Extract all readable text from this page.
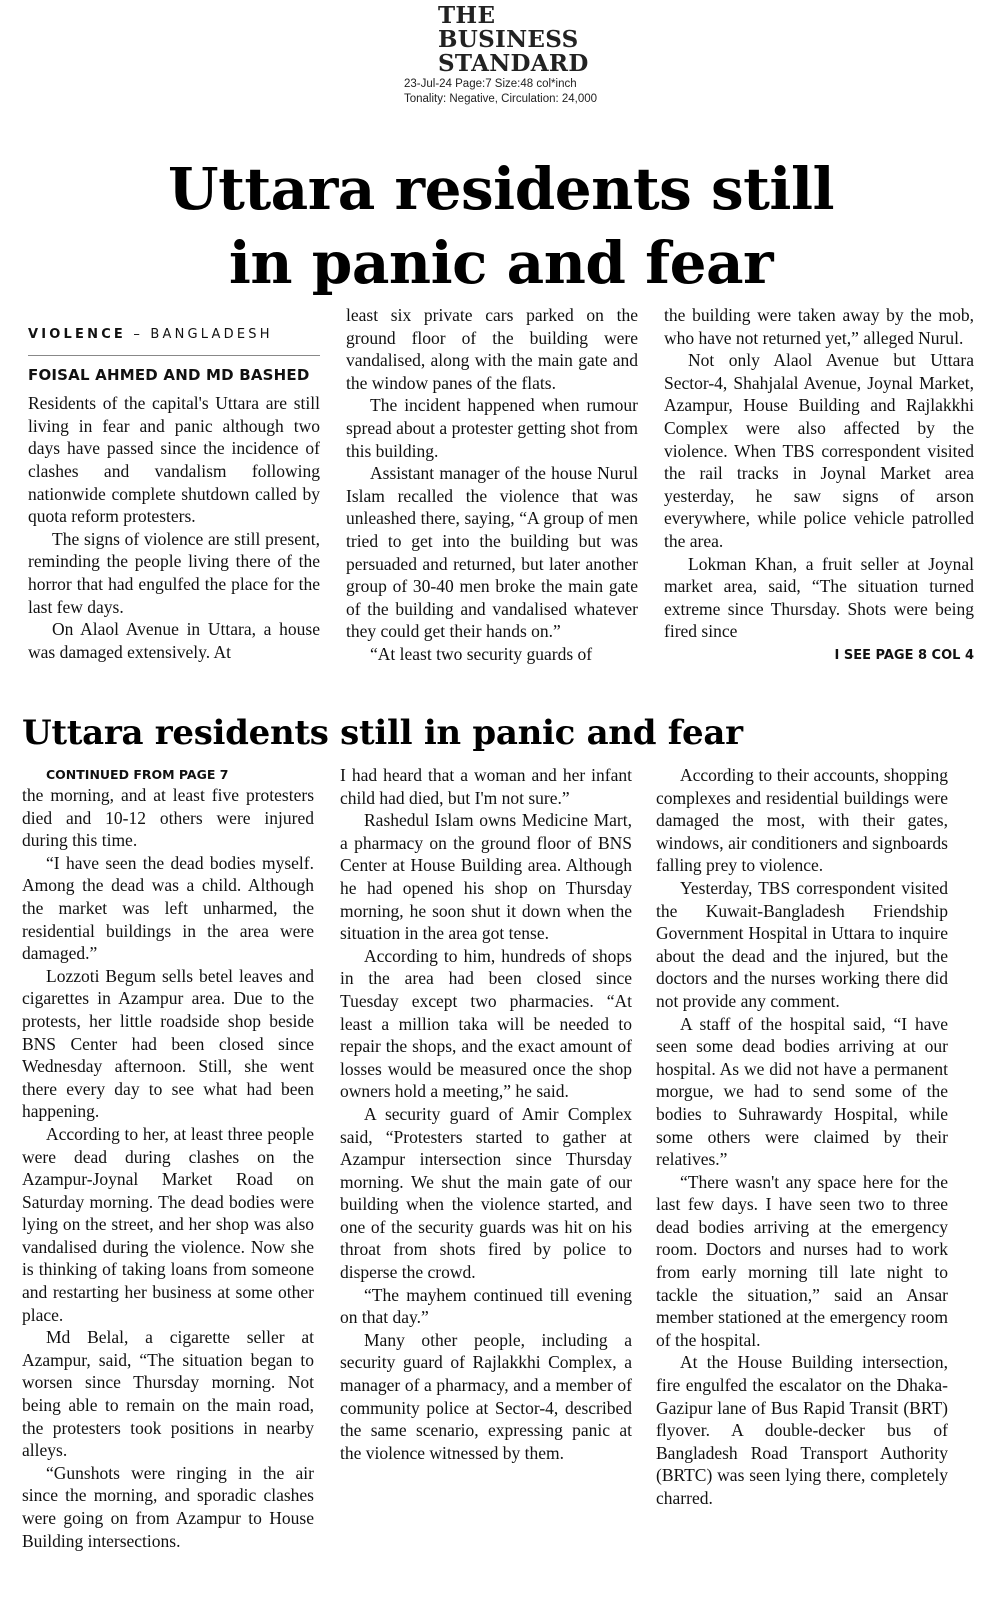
THE
BUSINESS
STANDARD
23-Jul-24 Page:7 Size:48 col*inch
Tonality: Negative, Circulation: 24,000
Uttara residents still
in panic and fear
VIOLENCE – BANGLADESH
FOISAL AHMED AND MD BASHED

Residents of the capital's Uttara are still living in fear and panic although two days have passed since the incidence of clashes and vandalism following nationwide complete shutdown called by quota reform protesters.

The signs of violence are still present, reminding the people living there of the horror that had engulfed the place for the last few days.

On Alaol Avenue in Uttara, a house was damaged extensively. At

least six private cars parked on the ground floor of the building were vandalised, along with the main gate and the window panes of the flats.

The incident happened when rumour spread about a protester getting shot from this building.

Assistant manager of the house Nurul Islam recalled the violence that was unleashed there, saying, “A group of men tried to get into the building but was persuaded and returned, but later another group of 30-40 men broke the main gate of the building and vandalised whatever they could get their hands on.”

“At least two security guards of

the building were taken away by the mob, who have not returned yet,” alleged Nurul.

Not only Alaol Avenue but Uttara Sector-4, Shahjalal Avenue, Joynal Market, Azampur, House Building and Rajlakkhi Complex were also affected by the violence. When TBS correspondent visited the rail tracks in Joynal Market area yesterday, he saw signs of arson everywhere, while police vehicle patrolled the area.

Lokman Khan, a fruit seller at Joynal market area, said, “The situation turned extreme since Thursday. Shots were being fired since

I SEE PAGE 8 COL 4
Uttara residents still in panic and fear

CONTINUED FROM PAGE 7

the morning, and at least five protesters died and 10-12 others were injured during this time.

“I have seen the dead bodies myself. Among the dead was a child. Although the market was left unharmed, the residential buildings in the area were damaged.”

Lozzoti Begum sells betel leaves and cigarettes in Azampur area. Due to the protests, her little roadside shop beside BNS Center had been closed since Wednesday afternoon. Still, she went there every day to see what had been happening.

According to her, at least three people were dead during clashes on the Azampur-Joynal Market Road on Saturday morning. The dead bodies were lying on the street, and her shop was also vandalised during the violence. Now she is thinking of taking loans from someone and restarting her business at some other place.

Md Belal, a cigarette seller at Azampur, said, “The situation began to worsen since Thursday morning. Not being able to remain on the main road, the protesters took positions in nearby alleys.

“Gunshots were ringing in the air since the morning, and sporadic clashes were going on from Azampur to House Building intersections.

I had heard that a woman and her infant child had died, but I'm not sure.”

Rashedul Islam owns Medicine Mart, a pharmacy on the ground floor of BNS Center at House Building area. Although he had opened his shop on Thursday morning, he soon shut it down when the situation in the area got tense.

According to him, hundreds of shops in the area had been closed since Tuesday except two pharmacies. “At least a million taka will be needed to repair the shops, and the exact amount of losses would be measured once the shop owners hold a meeting,” he said.

A security guard of Amir Complex said, “Protesters started to gather at Azampur intersection since Thursday morning. We shut the main gate of our building when the violence started, and one of the security guards was hit on his throat from shots fired by police to disperse the crowd.

“The mayhem continued till evening on that day.”

Many other people, including a security guard of Rajlakkhi Complex, a manager of a pharmacy, and a member of community police at Sector-4, described the same scenario, expressing panic at the violence witnessed by them.

According to their accounts, shopping complexes and residential buildings were damaged the most, with their gates, windows, air conditioners and signboards falling prey to violence.

Yesterday, TBS correspondent visited the Kuwait-Bangladesh Friendship Government Hospital in Uttara to inquire about the dead and the injured, but the doctors and the nurses working there did not provide any comment.

A staff of the hospital said, “I have seen some dead bodies arriving at our hospital. As we did not have a permanent morgue, we had to send some of the bodies to Suhrawardy Hospital, while some others were claimed by their relatives.”

“There wasn't any space here for the last few days. I have seen two to three dead bodies arriving at the emergency room. Doctors and nurses had to work from early morning till late night to tackle the situation,” said an Ansar member stationed at the emergency room of the hospital.

At the House Building intersection, fire engulfed the escalator on the Dhaka-Gazipur lane of Bus Rapid Transit (BRT) flyover. A double-decker bus of Bangladesh Road Transport Authority (BRTC) was seen lying there, completely charred.
